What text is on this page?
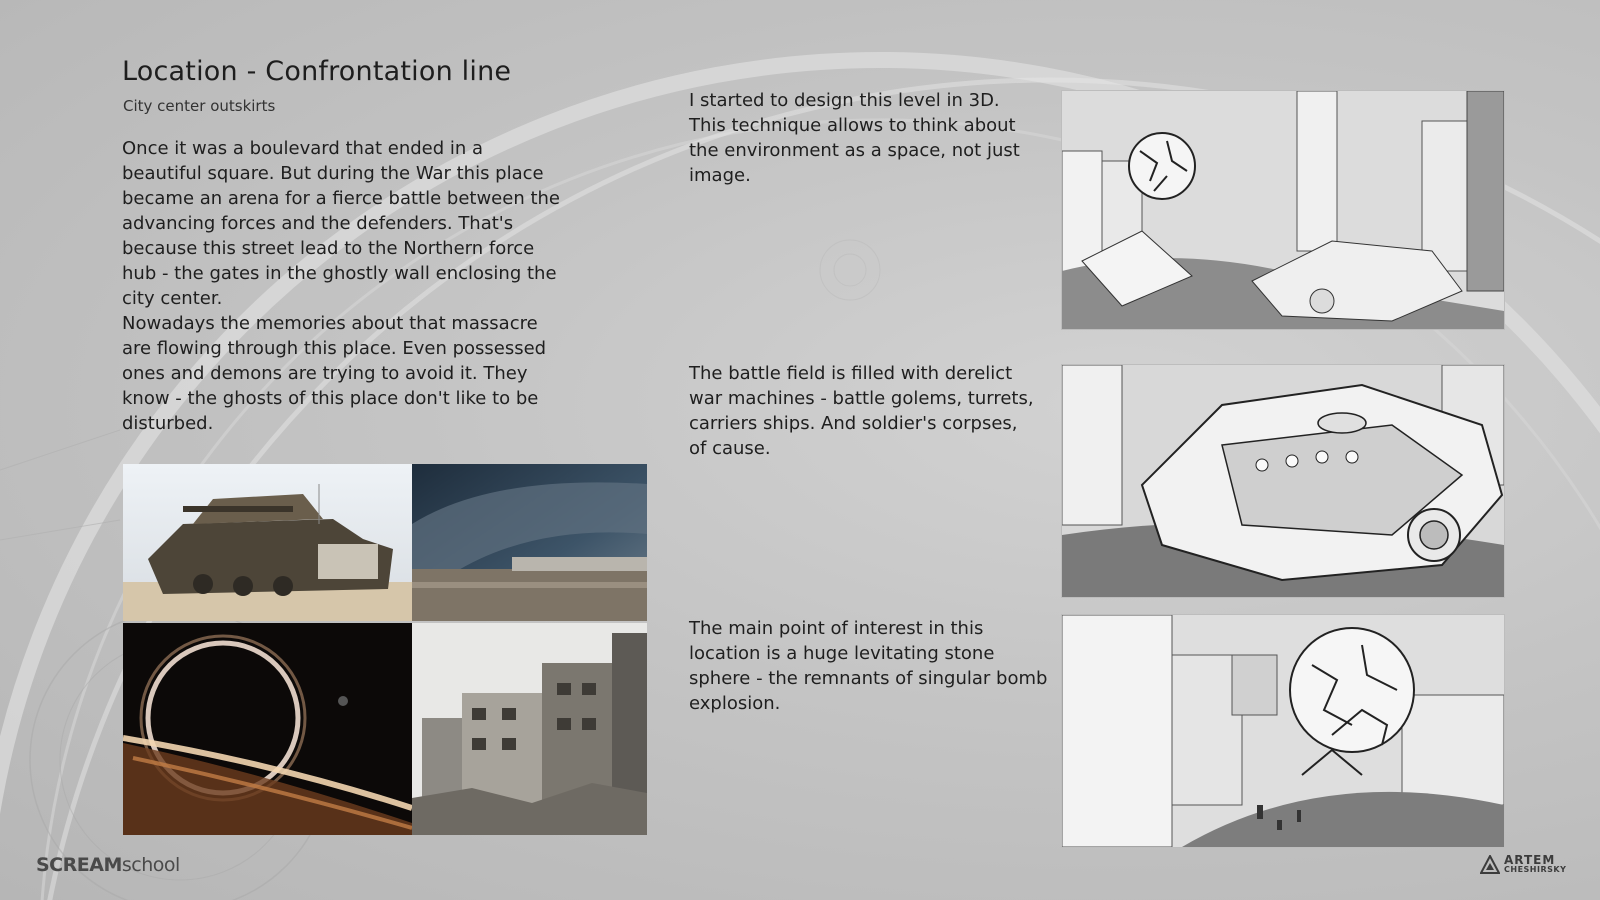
Location - Confrontation line
City center outskirts

Once it was a boulevard that ended in a beautiful square. But during the War this place became an arena for a fierce battle between the advancing forces and the defenders. That's because this street lead to the Northern force hub - the gates in the ghostly wall enclosing the city center.

Nowadays the memories about that massacre are flowing through this place. Even possessed ones and demons are trying to avoid it. They know - the ghosts of this place don't like to be disturbed.

I started to design this level in 3D. This technique allows to think about the environment as a space, not just image.

The battle field is filled with derelict war machines - battle golems, turrets, carriers ships. And soldier's corpses, of cause.

The main point of interest in this location is a huge levitating stone sphere - the remnants of singular bomb explosion.

SCREAMschool	ARTEM
CHESHIRSKY
